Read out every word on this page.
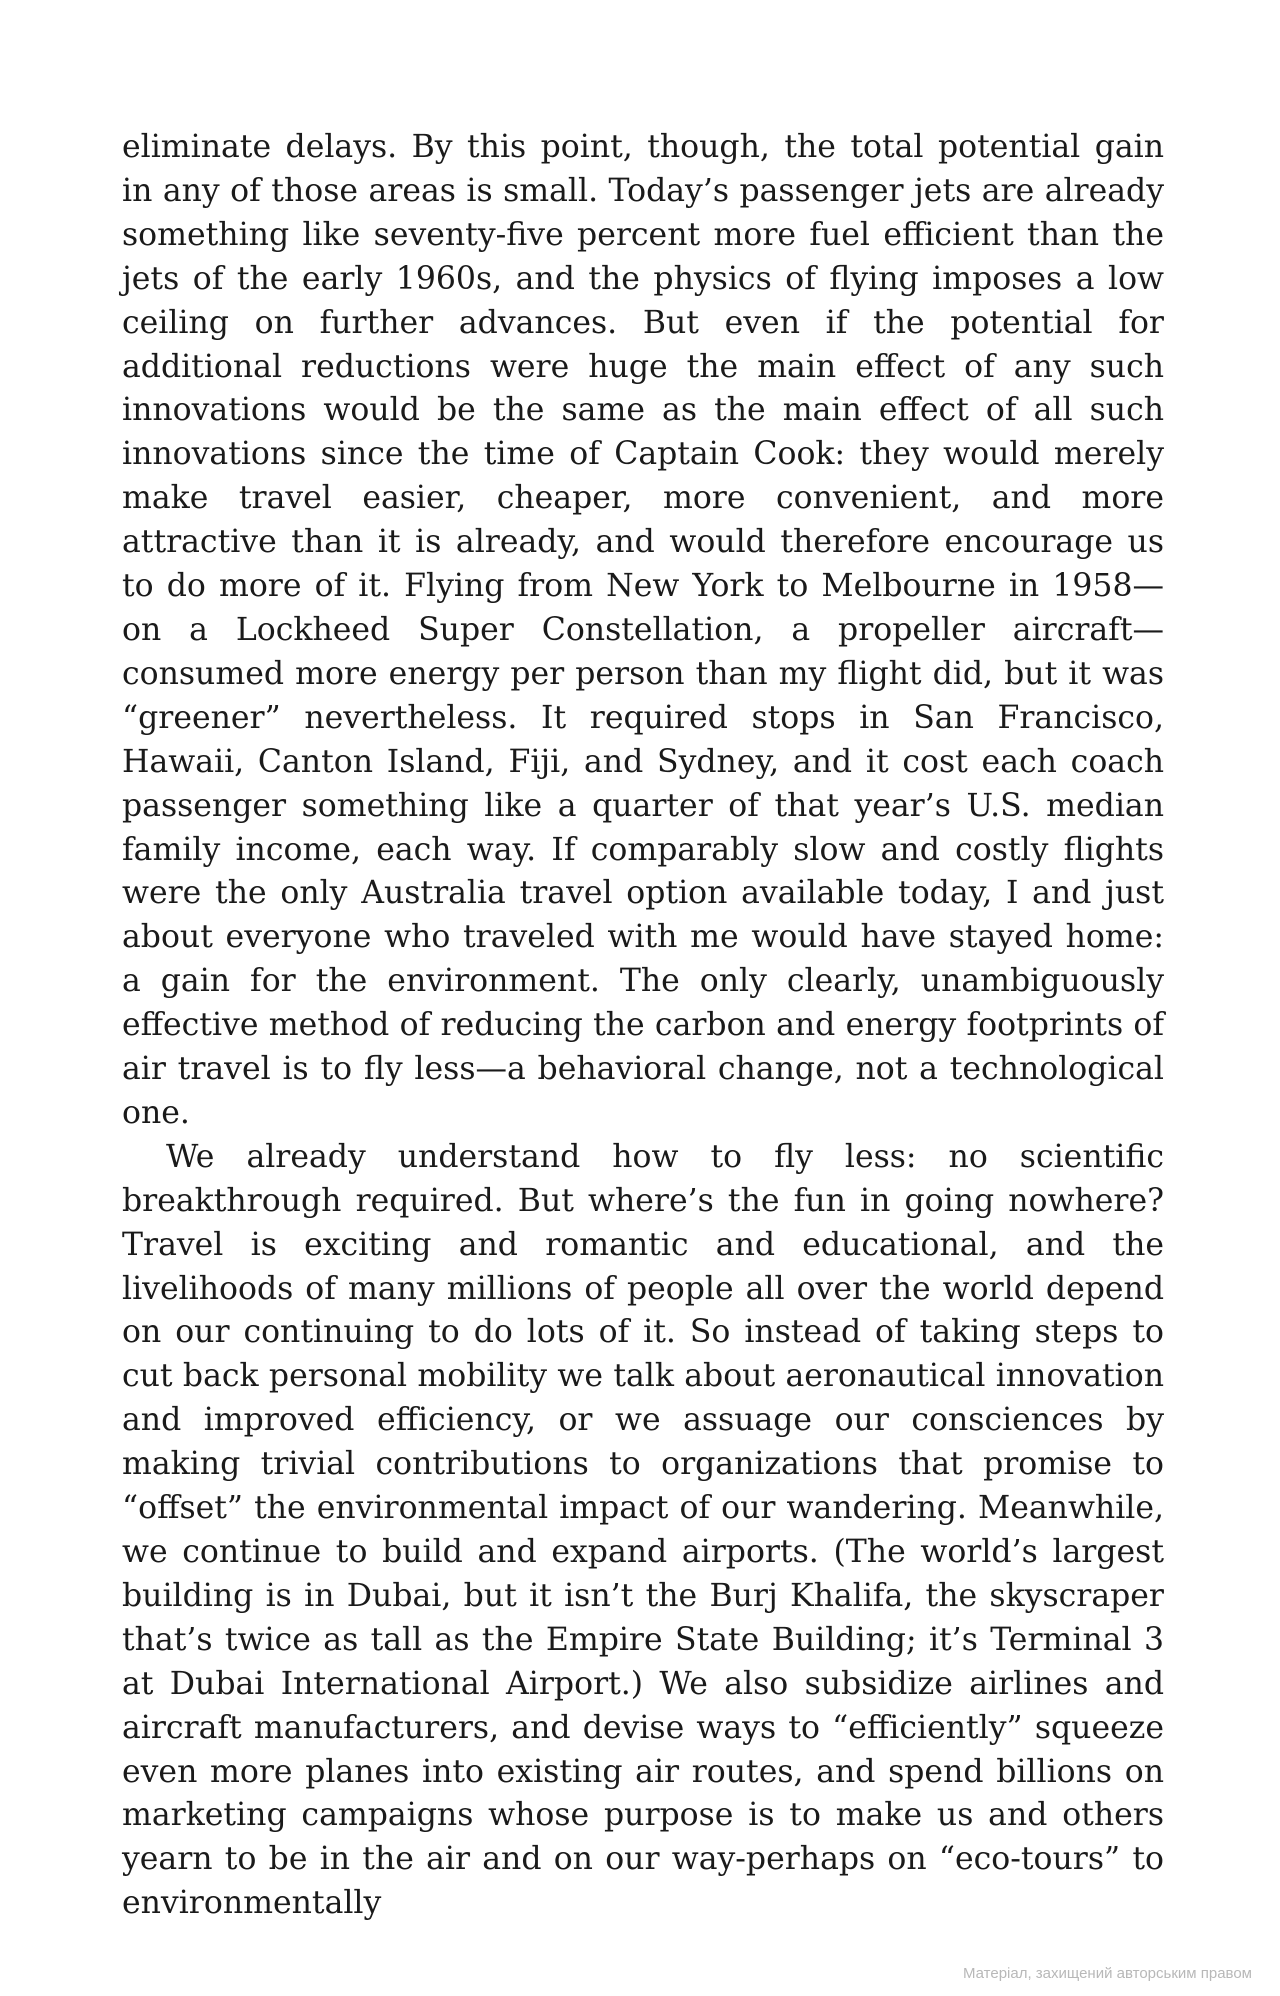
eliminate delays. By this point, though, the total potential gain in any of those areas is small. Today’s passenger jets are already something like seventy-five percent more fuel efficient than the jets of the early 1960s, and the physics of flying imposes a low ceiling on further advances. But even if the potential for additional reductions were huge the main effect of any such innovations would be the same as the main effect of all such innovations since the time of Captain Cook: they would merely make travel easier, cheaper, more convenient, and more attractive than it is already, and would therefore encourage us to do more of it. Flying from New York to Melbourne in 1958—on a Lockheed Super Constellation, a propeller aircraft—consumed more energy per person than my flight did, but it was “greener” nevertheless. It required stops in San Francisco, Hawaii, Canton Island, Fiji, and Sydney, and it cost each coach passenger something like a quarter of that year’s U.S. median family income, each way. If comparably slow and costly flights were the only Australia travel option available today, I and just about everyone who traveled with me would have stayed home: a gain for the environment. The only clearly, unambiguously effective method of reducing the carbon and energy footprints of air travel is to fly less—a behavioral change, not a technological one.

We already understand how to fly less: no scientific breakthrough required. But where’s the fun in going nowhere? Travel is exciting and romantic and educational, and the livelihoods of many millions of people all over the world depend on our continuing to do lots of it. So instead of taking steps to cut back personal mobility we talk about aeronautical innovation and improved efficiency, or we assuage our consciences by making trivial contributions to organizations that promise to “offset” the environmental impact of our wandering. Meanwhile, we continue to build and expand airports. (The world’s largest building is in Dubai, but it isn’t the Burj Khalifa, the skyscraper that’s twice as tall as the Empire State Building; it’s Terminal 3 at Dubai International Airport.) We also subsidize airlines and aircraft manufacturers, and devise ways to “efficiently” squeeze even more planes into existing air routes, and spend billions on marketing campaigns whose purpose is to make us and others yearn to be in the air and on our way-perhaps on “eco-tours” to environmentally

Матеріал, захищений авторським правом
